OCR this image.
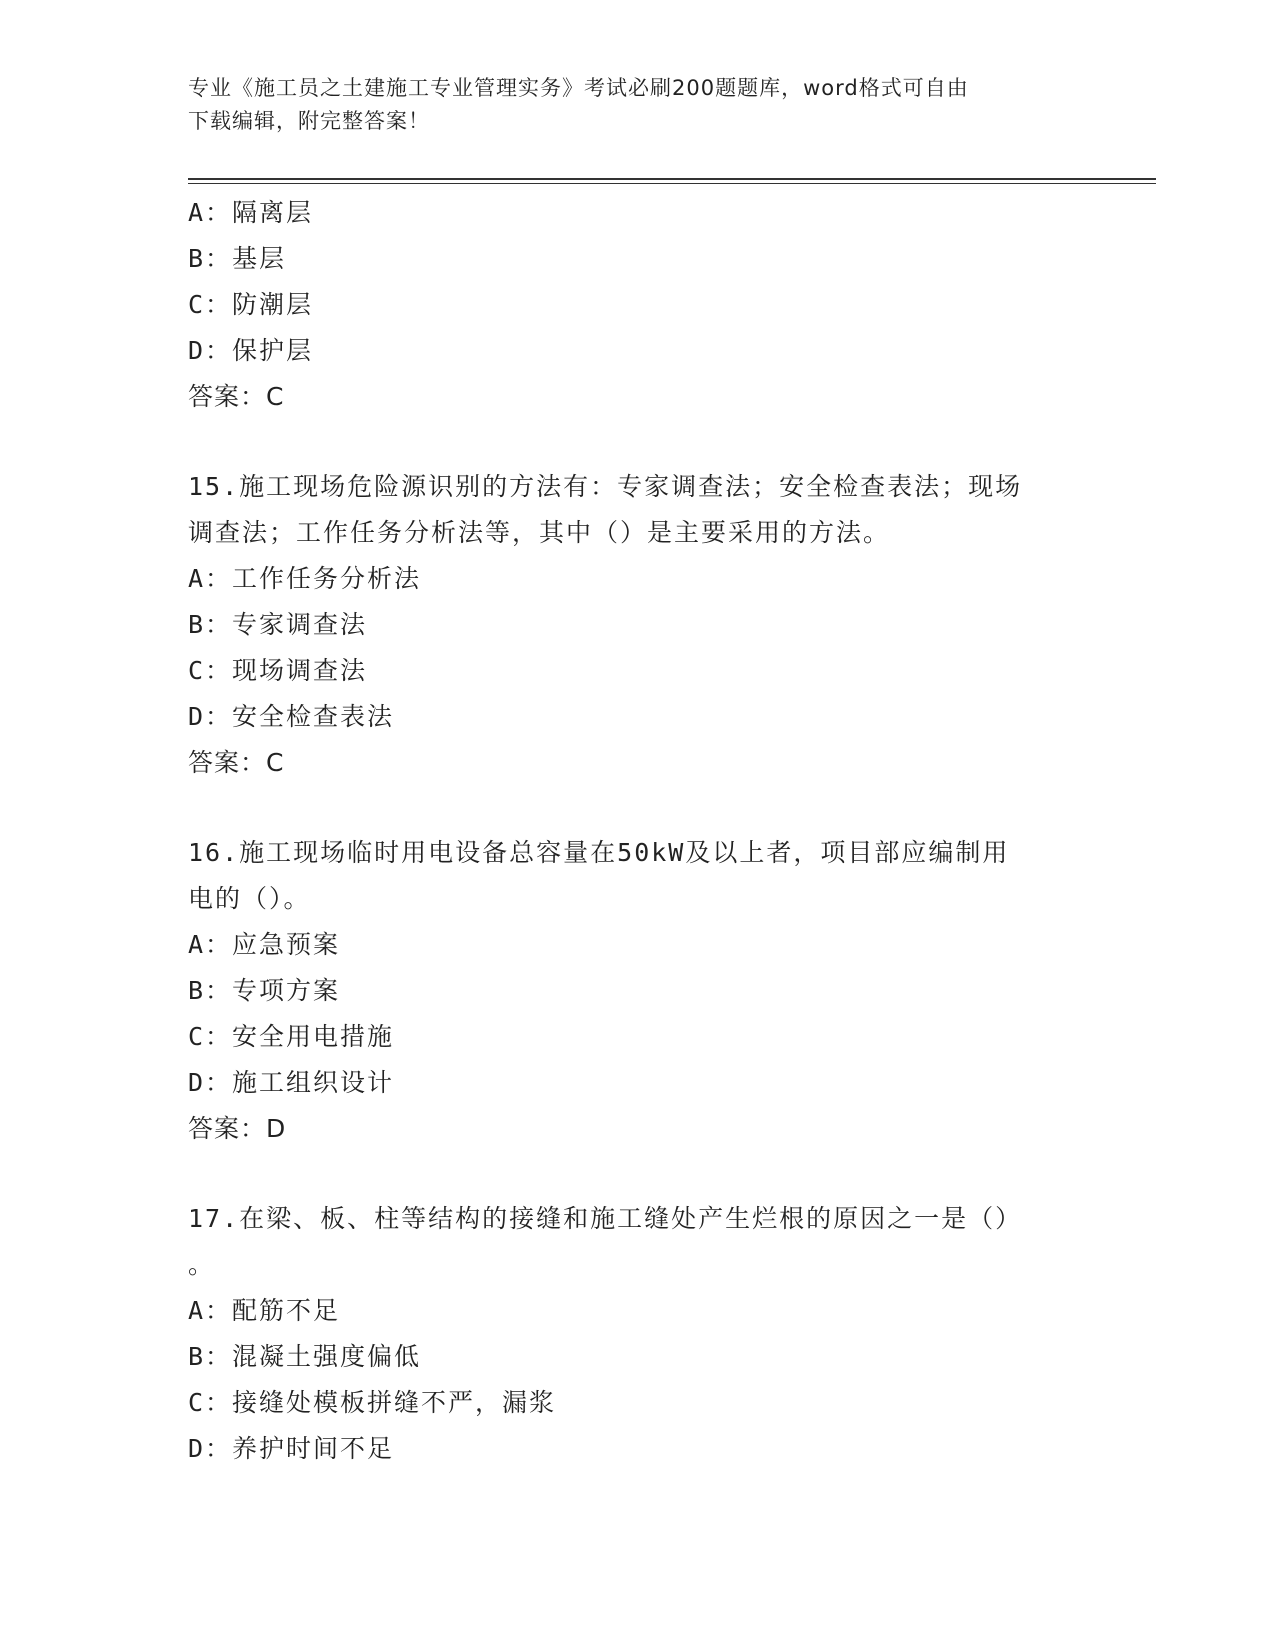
专业《施工员之土建施工专业管理实务》考试必刷200题题库，word格式可自由
下载编辑，附完整答案！
A：隔离层
B：基层
C：防潮层
D：保护层
答案：C
15.施工现场危险源识别的方法有：专家调查法；安全检查表法；现场
调查法；工作任务分析法等，其中（）是主要采用的方法。
A：工作任务分析法
B：专家调查法
C：现场调查法
D：安全检查表法
答案：C
16.施工现场临时用电设备总容量在50kW及以上者，项目部应编制用
电的（）。
A：应急预案
B：专项方案
C：安全用电措施
D：施工组织设计
答案：D
17.在梁、板、柱等结构的接缝和施工缝处产生烂根的原因之一是（）
。
A：配筋不足
B：混凝土强度偏低
C：接缝处模板拼缝不严，漏浆
D：养护时间不足
